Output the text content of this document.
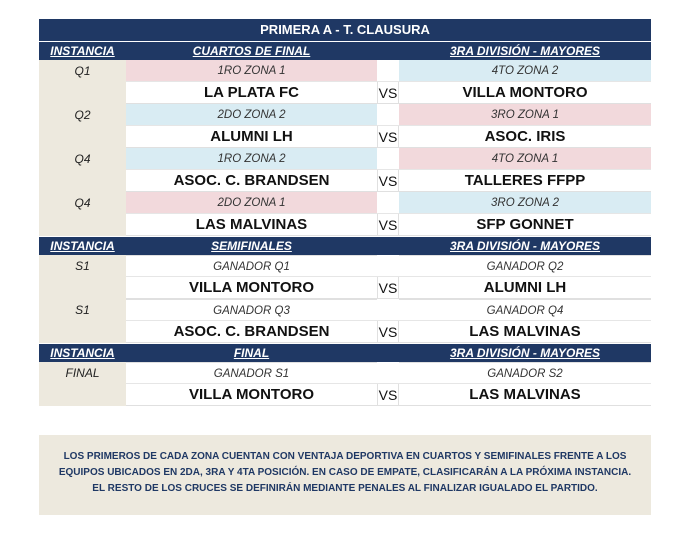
PRIMERA A - T. CLAUSURA
INSTANCIA	CUARTOS DE FINAL	3RA DIVISIÓN - MAYORES
Q1	1RO ZONA 1	4TO ZONA 2
LA PLATA FC	VS	VILLA MONTORO
Q2	2DO ZONA 2	3RO ZONA 1
ALUMNI LH	VS	ASOC. IRIS
Q4	1RO ZONA 2	4TO ZONA 1
ASOC. C. BRANDSEN	VS	TALLERES FFPP
Q4	2DO ZONA 1	3RO ZONA 2
LAS MALVINAS	VS	SFP GONNET
INSTANCIA	SEMIFINALES	3RA DIVISIÓN - MAYORES
S1	GANADOR Q1	GANADOR Q2
VILLA MONTORO	VS	ALUMNI LH
S1	GANADOR Q3	GANADOR Q4
ASOC. C. BRANDSEN	VS	LAS MALVINAS
INSTANCIA	FINAL	3RA DIVISIÓN - MAYORES
FINAL	GANADOR S1	GANADOR S2
VILLA MONTORO	VS	LAS MALVINAS
LOS PRIMEROS DE CADA ZONA CUENTAN CON VENTAJA DEPORTIVA EN CUARTOS Y SEMIFINALES FRENTE A LOS EQUIPOS UBICADOS EN 2DA, 3RA Y 4TA POSICIÓN. EN CASO DE EMPATE, CLASIFICARÁN A LA PRÓXIMA INSTANCIA. EL RESTO DE LOS CRUCES SE DEFINIRÁN MEDIANTE PENALES AL FINALIZAR IGUALADO EL PARTIDO.
